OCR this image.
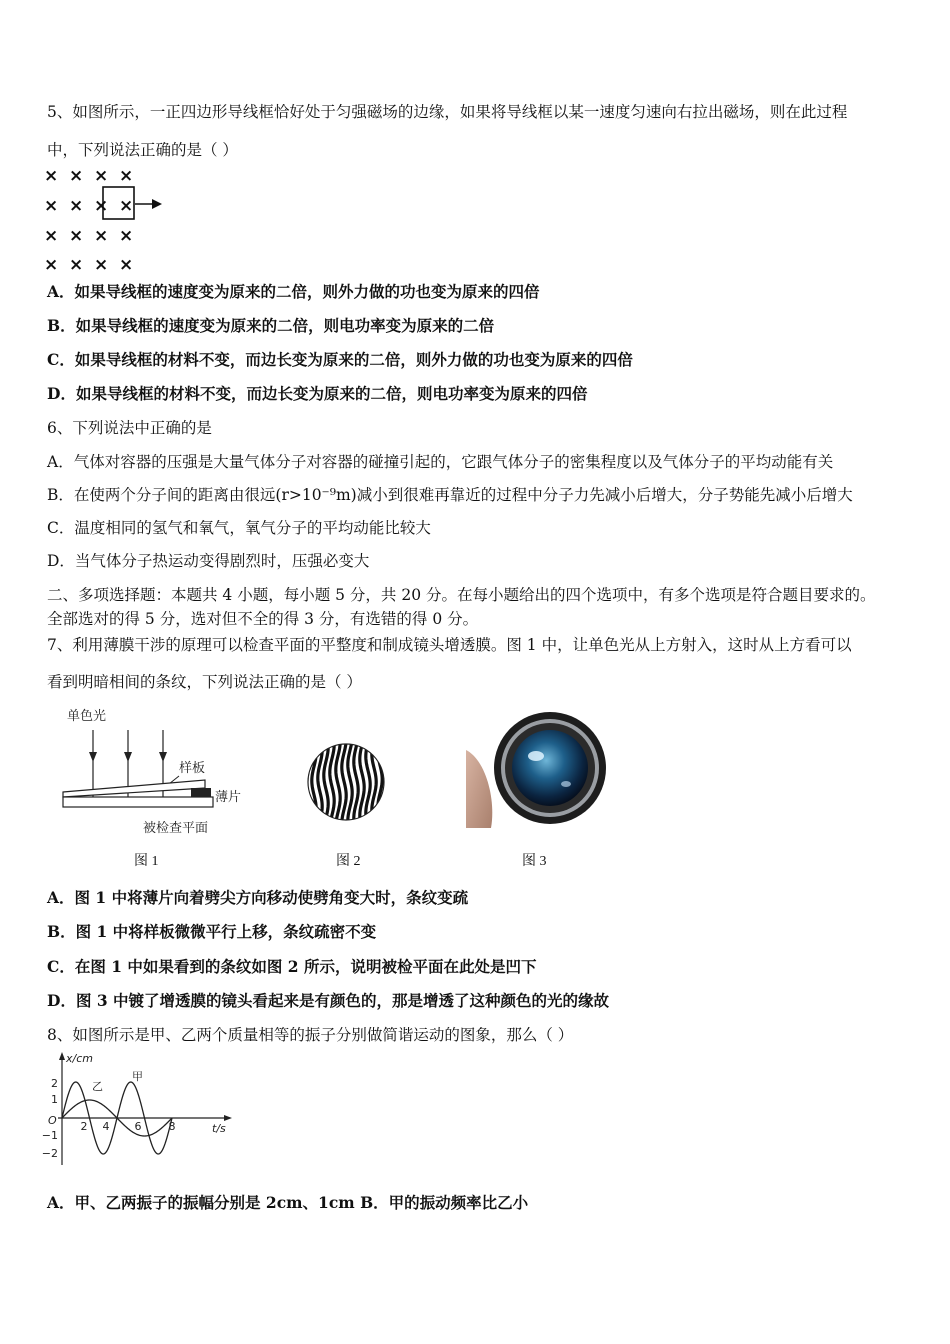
5、如图所示，一正四边形导线框恰好处于匀强磁场的边缘，如果将导线框以某一速度匀速向右拉出磁场，则在此过程
中，下列说法正确的是（ ）
× × × ×
× × × ×
× × × ×
× × × ×
A．如果导线框的速度变为原来的二倍，则外力做的功也变为原来的四倍
B．如果导线框的速度变为原来的二倍，则电功率变为原来的二倍
C．如果导线框的材料不变，而边长变为原来的二倍，则外力做的功也变为原来的四倍
D．如果导线框的材料不变，而边长变为原来的二倍，则电功率变为原来的四倍
6、下列说法中正确的是
A．气体对容器的压强是大量气体分子对容器的碰撞引起的，它跟气体分子的密集程度以及气体分子的平均动能有关
B．在使两个分子间的距离由很远(r>10⁻⁹m)减小到很难再靠近的过程中分子力先减小后增大，分子势能先减小后增大
C．温度相同的氢气和氧气，氧气分子的平均动能比较大
D．当气体分子热运动变得剧烈时，压强必变大
二、多项选择题：本题共 4 小题，每小题 5 分，共 20 分。在每小题给出的四个选项中，有多个选项是符合题目要求的。
全部选对的得 5 分，选对但不全的得 3 分，有选错的得 0 分。
7、利用薄膜干涉的原理可以检查平面的平整度和制成镜头增透膜。图 1 中，让单色光从上方射入，这时从上方看可以
看到明暗相间的条纹，下列说法正确的是（ ）
单色光
样板
薄片
被检查平面
图 1	图 2	图 3
A．图 1 中将薄片向着劈尖方向移动使劈角变大时，条纹变疏
B．图 1 中将样板微微平行上移，条纹疏密不变
C．在图 1 中如果看到的条纹如图 2 所示，说明被检平面在此处是凹下
D．图 3 中镀了增透膜的镜头看起来是有颜色的，那是增透了这种颜色的光的缘故
8、如图所示是甲、乙两个质量相等的振子分别做简谐运动的图象，那么（ ）
x/cm
t/s
O
2
1
−1
−2
2 4 6 8
甲
乙
A．甲、乙两振子的振幅分别是 2cm、1cm B．甲的振动频率比乙小
